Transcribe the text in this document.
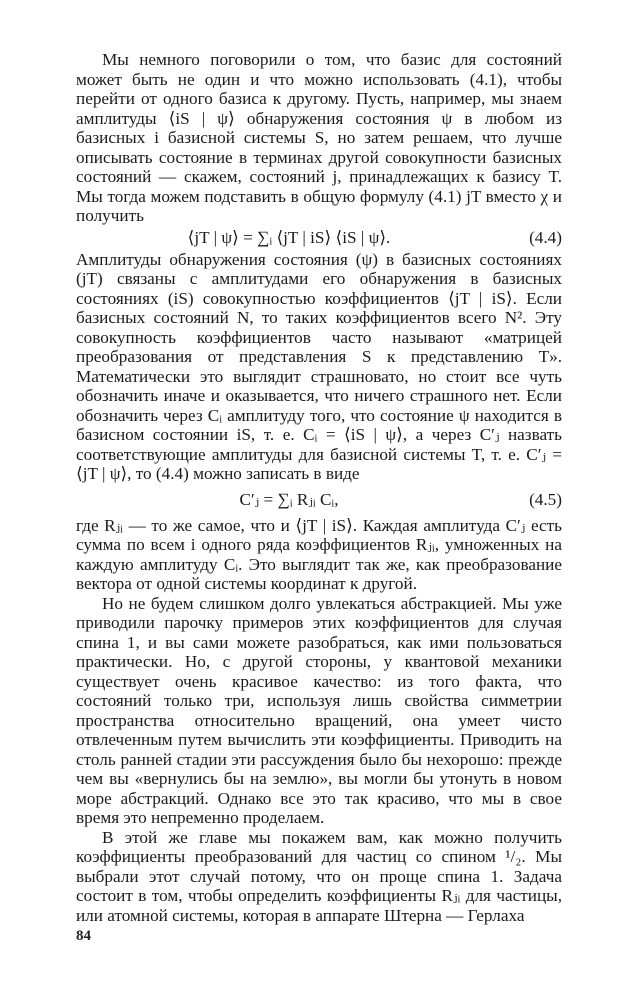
Мы немного поговорили о том, что базис для состояний может быть не один и что можно использовать (4.1), чтобы перейти от одного базиса к другому. Пусть, например, мы знаем амплитуды ⟨iS | ψ⟩ обнаружения состояния ψ в любом из базисных i базисной системы S, но затем решаем, что лучше описывать состояние в терминах другой совокупности базисных состояний — скажем, состояний j, принадлежащих к базису T. Мы тогда можем подставить в общую формулу (4.1) jT вместо χ и получить

⟨jT | ψ⟩ = ∑ᵢ ⟨jT | iS⟩ ⟨iS | ψ⟩.	(4.4)

Амплитуды обнаружения состояния (ψ) в базисных состояниях (jT) связаны с амплитудами его обнаружения в базисных состояниях (iS) совокупностью коэффициентов ⟨jT | iS⟩. Если базисных состояний N, то таких коэффициентов всего N². Эту совокупность коэффициентов часто называют «матрицей преобразования от представления S к представлению T». Математически это выглядит страшновато, но стоит все чуть обозначить иначе и оказывается, что ничего страшного нет. Если обозначить через Cᵢ амплитуду того, что состояние ψ находится в базисном состоянии iS, т. е. Cᵢ = ⟨iS | ψ⟩, а через C′ⱼ назвать соответствующие амплитуды для базисной системы T, т. е. C′ⱼ = ⟨jT | ψ⟩, то (4.4) можно записать в виде

C′ⱼ = ∑ᵢ Rⱼᵢ Cᵢ,	(4.5)

где Rⱼᵢ — то же самое, что и ⟨jT | iS⟩. Каждая амплитуда C′ⱼ есть сумма по всем i одного ряда коэффициентов Rⱼᵢ, умноженных на каждую амплитуду Cᵢ. Это выглядит так же, как преобразование вектора от одной системы координат к другой.

Но не будем слишком долго увлекаться абстракцией. Мы уже приводили парочку примеров этих коэффициентов для случая спина 1, и вы сами можете разобраться, как ими пользоваться практически. Но, с другой стороны, у квантовой механики существует очень красивое качество: из того факта, что состояний только три, используя лишь свойства симметрии пространства относительно вращений, она умеет чисто отвлеченным путем вычислить эти коэффициенты. Приводить на столь ранней стадии эти рассуждения было бы нехорошо: прежде чем вы «вернулись бы на землю», вы могли бы утонуть в новом море абстракций. Однако все это так красиво, что мы в свое время это непременно проделаем.

В этой же главе мы покажем вам, как можно получить коэффициенты преобразований для частиц со спином ¹/₂. Мы выбрали этот случай потому, что он проще спина 1. Задача состоит в том, чтобы определить коэффициенты Rⱼᵢ для частицы, или атомной системы, которая в аппарате Штерна — Герлаха

84
